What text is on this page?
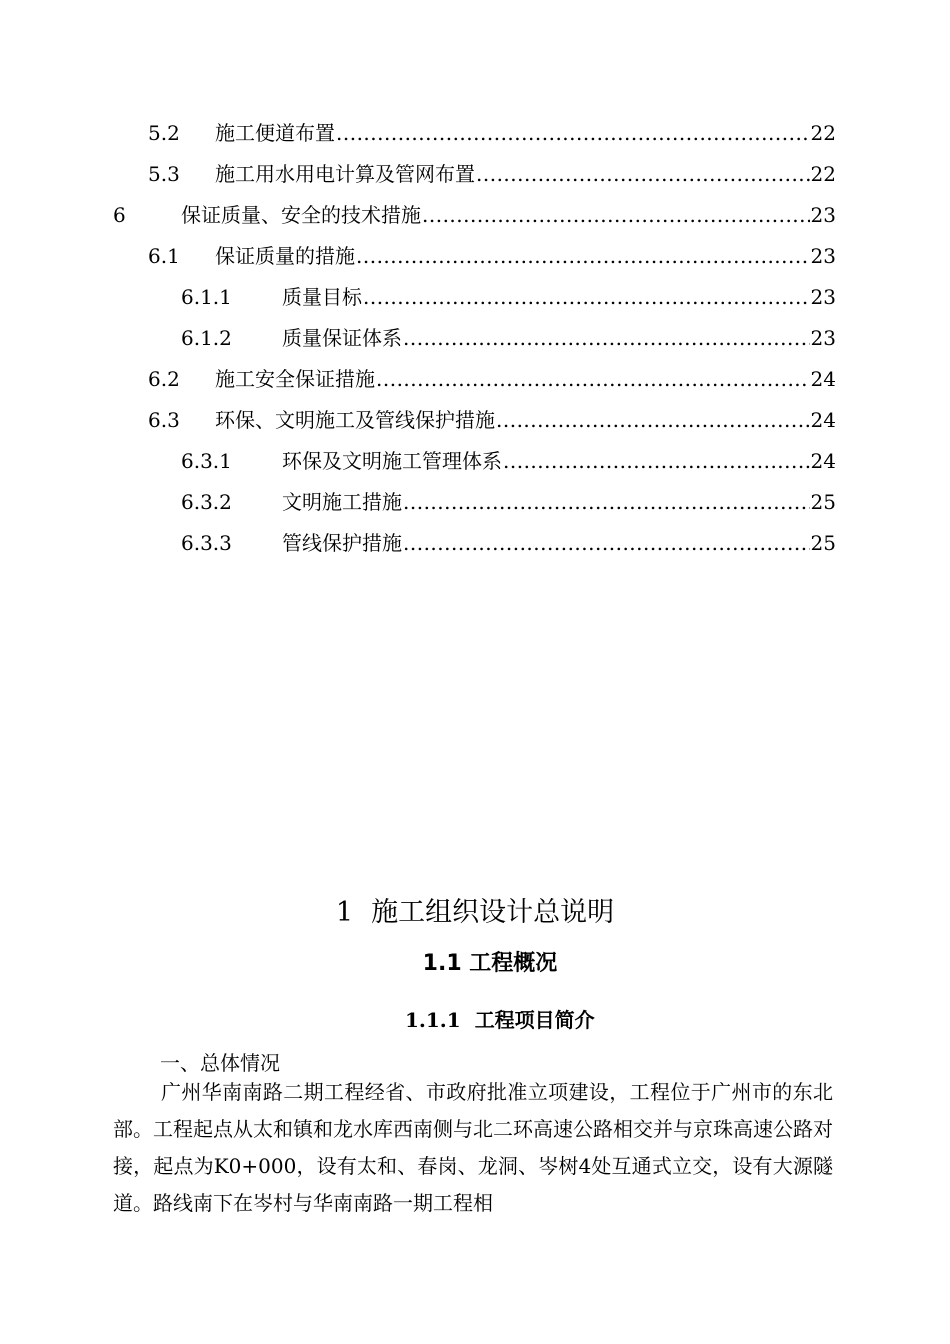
5.2 施工便道布置 .....	22
5.3 施工用水用电计算及管网布置 .....	22
6	保证质量、安全的技术措施 .....	23
6.1 保证质量的措施 .....	23
6.1.1	质量目标 .....	23
6.1.2	质量保证体系 .....	23
6.2 施工安全保证措施 .....	24
6.3 环保、文明施工及管线保护措施 .....	24
6.3.1	环保及文明施工管理体系 .....	24
6.3.2	文明施工措施 .....	25
6.3.3	管线保护措施 .....	25
1 施工组织设计总说明
1.1 工程概况
1.1.1 工程项目简介
一、总体情况

广州华南南路二期工程经省、市政府批准立项建设，工程位于广州市的东北部。工程起点从太和镇和龙水库西南侧与北二环高速公路相交并与京珠高速公路对接，起点为K0+000，设有太和、春岗、龙洞、岑树4处互通式立交，设有大源隧道。路线南下在岑村与华南南路一期工程相
